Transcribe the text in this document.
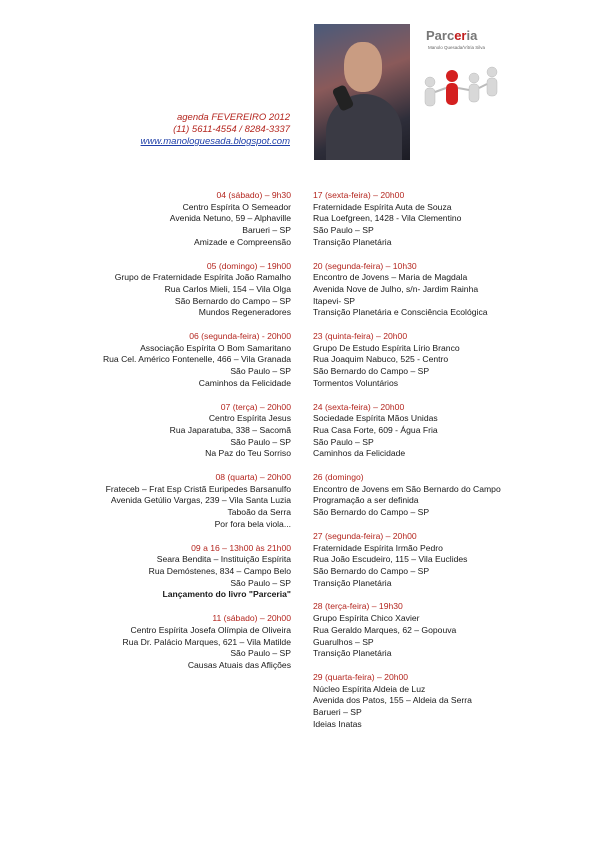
agenda FEVEREIRO 2012
(11) 5611-4554 / 8284-3337
www.manologuesada.blogspot.com
Parceria
Manolo Quesada/Vítria Silva
04 (sábado) – 9h30
Centro Espírita O Semeador
Avenida Netuno, 59 – Alphaville
Barueri – SP
Amizade e Compreensão
05 (domingo) – 19h00
Grupo de Fraternidade Espírita João Ramalho
Rua Carlos Mieli, 154 – Vila Olga
São Bernardo do Campo – SP
Mundos Regeneradores
06 (segunda-feira) - 20h00
Associação Espírita O Bom Samaritano
Rua Cel. Américo Fontenelle, 466 – Vila Granada
São Paulo – SP
Caminhos da Felicidade
07 (terça) – 20h00
Centro Espírita Jesus
Rua Japaratuba, 338 – Sacomã
São Paulo – SP
Na Paz do Teu Sorriso
08 (quarta) – 20h00
Frateceb – Frat Esp Cristã Euripedes Barsanulfo
Avenida Getúlio Vargas, 239 – Vila Santa Luzia
Taboão da Serra
Por fora bela viola...
09 a 16 – 13h00 às 21h00
Seara Bendita – Instituição Espírita
Rua Demóstenes, 834 – Campo Belo
São Paulo – SP
Lançamento do livro "Parceria"
11 (sábado) – 20h00
Centro Espírita Josefa Olímpia de Oliveira
Rua Dr. Palácio Marques, 621 – Vila Matilde
São Paulo – SP
Causas Atuais das Aflições
17 (sexta-feira) – 20h00
Fraternidade Espírita Auta de Souza
Rua Loefgreen, 1428 - Vila Clementino
São Paulo – SP
Transição Planetária
20 (segunda-feira) – 10h30
Encontro de Jovens – Maria de Magdala
Avenida Nove de Julho, s/n- Jardim Rainha
Itapevi- SP
Transição Planetária e Consciência Ecológica
23 (quinta-feira) – 20h00
Grupo De Estudo Espírita Lírio Branco
Rua Joaquim Nabuco, 525 - Centro
São Bernardo do Campo – SP
Tormentos Voluntários
24 (sexta-feira) – 20h00
Sociedade Espírita Mãos Unidas
Rua Casa Forte, 609 - Água Fria
São Paulo – SP
Caminhos da Felicidade
26 (domingo)
Encontro de Jovens em São Bernardo do Campo
Programação a ser definida
São Bernardo do Campo – SP
27 (segunda-feira) – 20h00
Fraternidade Espírita Irmão Pedro
Rua João Escudeiro, 115 – Vila Euclides
São Bernardo do Campo – SP
Transição Planetária
28 (terça-feira) – 19h30
Grupo Espírita Chico Xavier
Rua Geraldo Marques, 62 – Gopouva
Guarulhos – SP
Transição Planetária
29 (quarta-feira) – 20h00
Núcleo Espírita Aldeia de Luz
Avenida dos Patos, 155 – Aldeia da Serra
Barueri – SP
Ideias Inatas
